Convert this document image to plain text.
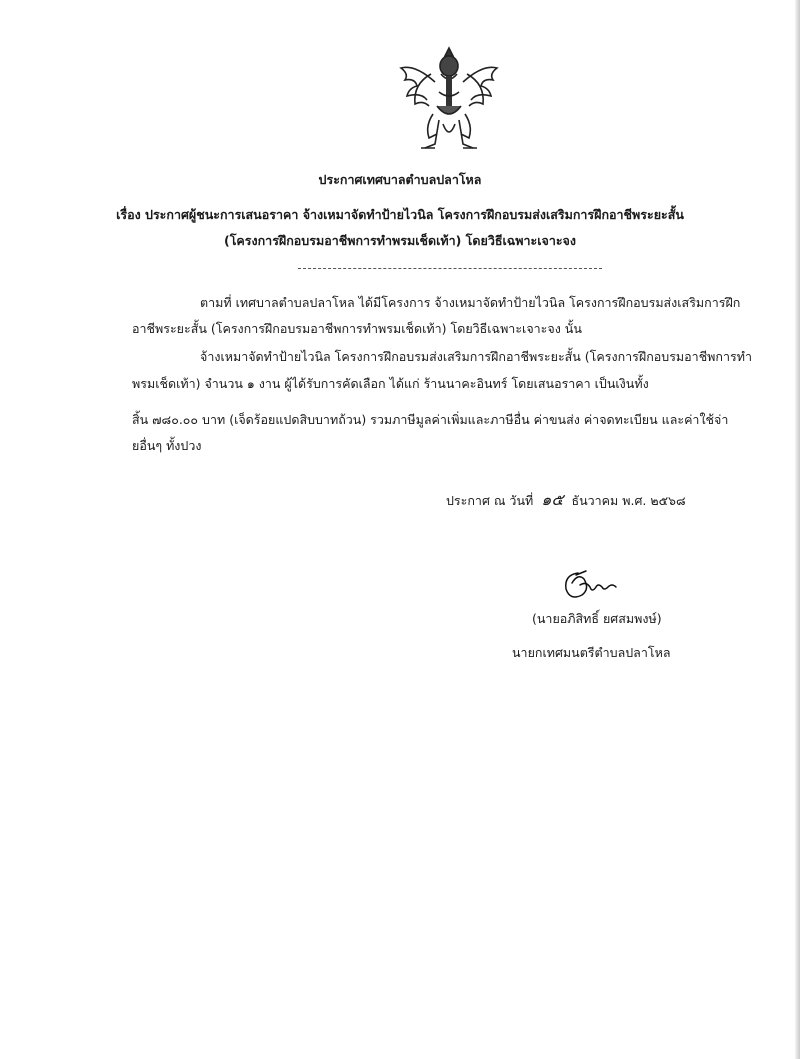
ประกาศเทศบาลตำบลปลาโหล
เรื่อง ประกาศผู้ชนะการเสนอราคา จ้างเหมาจัดทำป้ายไวนิล โครงการฝึกอบรมส่งเสริมการฝึกอาชีพระยะสั้น
(โครงการฝึกอบรมอาชีพการทำพรมเช็ดเท้า) โดยวิธีเฉพาะเจาะจง
ตามที่ เทศบาลตำบลปลาโหล ได้มีโครงการ จ้างเหมาจัดทำป้ายไวนิล โครงการฝึกอบรมส่งเสริมการฝึก
อาชีพระยะสั้น (โครงการฝึกอบรมอาชีพการทำพรมเช็ดเท้า) โดยวิธีเฉพาะเจาะจง นั้น
จ้างเหมาจัดทำป้ายไวนิล โครงการฝึกอบรมส่งเสริมการฝึกอาชีพระยะสั้น (โครงการฝึกอบรมอาชีพการทำ
พรมเช็ดเท้า) จำนวน ๑ งาน ผู้ได้รับการคัดเลือก ได้แก่ ร้านนาคะอินทร์ โดยเสนอราคา เป็นเงินทั้ง
สิ้น ๗๘๐.๐๐ บาท (เจ็ดร้อยแปดสิบบาทถ้วน) รวมภาษีมูลค่าเพิ่มและภาษีอื่น ค่าขนส่ง ค่าจดทะเบียน และค่าใช้จ่า
ยอื่นๆ ทั้งปวง
ประกาศ ณ วันที่ ๑๕ ธันวาคม พ.ศ. ๒๕๖๘
(นายอภิสิทธิ์ ยศสมพงษ์)
นายกเทศมนตรีตำบลปลาโหล
